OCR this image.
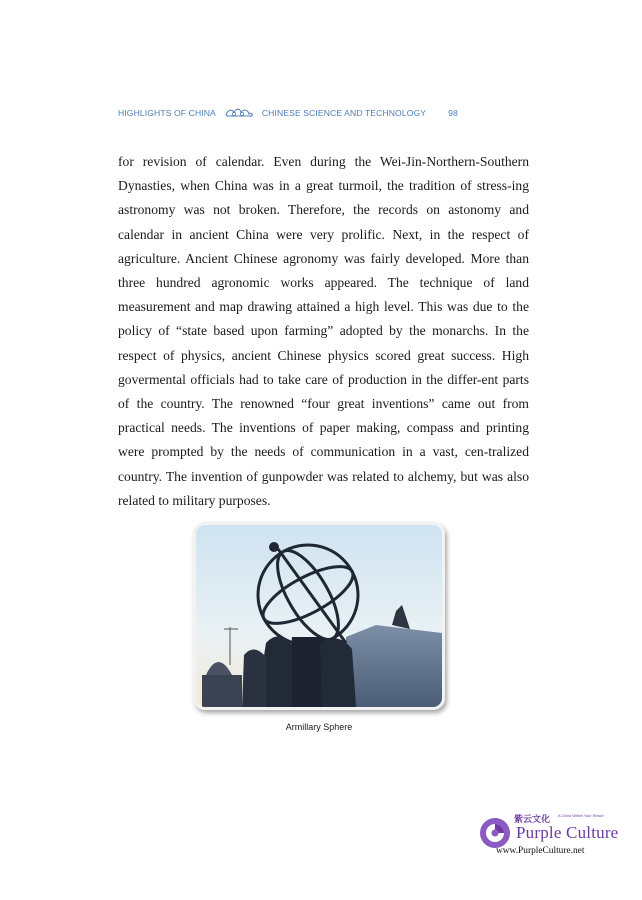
HIGHLIGHTS OF CHINA	CHINESE SCIENCE AND TECHNOLOGY	98

for revision of calendar. Even during the Wei-Jin-Northern-Southern Dynasties, when China was in a great turmoil, the tradition of stress-ing astronomy was not broken. Therefore, the records on astonomy and calendar in ancient China were very prolific. Next, in the respect of agriculture. Ancient Chinese agronomy was fairly developed. More than three hundred agronomic works appeared. The technique of land measurement and map drawing attained a high level. This was due to the policy of “state based upon farming” adopted by the monarchs. In the respect of physics, ancient Chinese physics scored great success. High govermental officials had to take care of production in the differ-ent parts of the country. The renowned “four great inventions” came out from practical needs. The inventions of paper making, compass and printing were prompted by the needs of communication in a vast, cen-tralized country. The invention of gunpowder was related to alchemy, but was also related to military purposes.

Armillary Sphere
紫云文化 A China Within Your Reach
Purple Culture
www.PurpleCulture.net
